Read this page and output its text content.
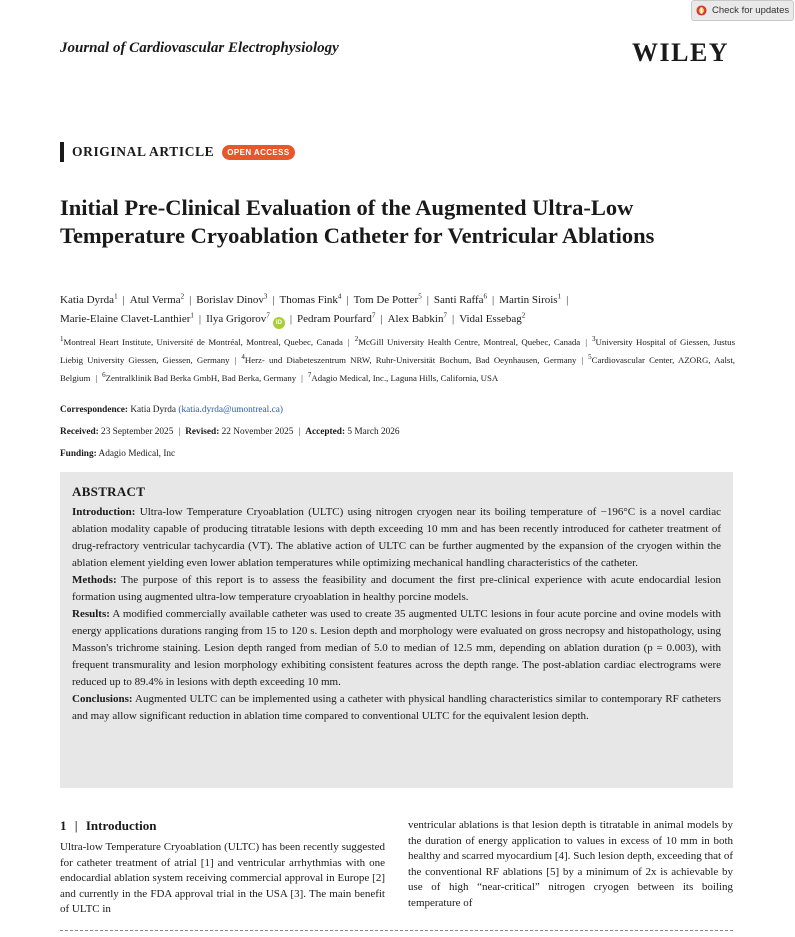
Check for updates
Journal of Cardiovascular Electrophysiology	WILEY
ORIGINAL ARTICLE	OPEN ACCESS
Initial Pre-Clinical Evaluation of the Augmented Ultra-Low Temperature Cryoablation Catheter for Ventricular Ablations
Katia Dyrda$^1$ | Atul Verma$^2$ | Borislav Dinov$^3$ | Thomas Fink$^4$ | Tom De Potter$^5$ | Santi Raffa$^6$ | Martin Sirois$^1$ |
Marie-Elaine Clavet-Lanthier$^1$ | Ilya Grigorov$^7$iD | Pedram Pourfard$^7$ | Alex Babkin$^7$ | Vidal Essebag$^2$
$^1$Montreal Heart Institute, Université de Montréal, Montreal, Quebec, Canada | $^2$McGill University Health Centre, Montreal, Quebec, Canada | $^3$University Hospital of Giessen, Justus Liebig University Giessen, Giessen, Germany | $^4$Herz- und Diabeteszentrum NRW, Ruhr-Universität Bochum, Bad Oeynhausen, Germany | $^5$Cardiovascular Center, AZORG, Aalst, Belgium | $^6$Zentralklinik Bad Berka GmbH, Bad Berka, Germany | $^7$Adagio Medical, Inc., Laguna Hills, California, USA
Correspondence: Katia Dyrda (katia.dyrda@umontreal.ca)
Received: 23 September 2025 | Revised: 22 November 2025 | Accepted: 5 March 2026
Funding: Adagio Medical, Inc
ABSTRACT

Introduction: Ultra-low Temperature Cryoablation (ULTC) using nitrogen cryogen near its boiling temperature of −196°C is a novel cardiac ablation modality capable of producing titratable lesions with depth exceeding 10 mm and has been recently introduced for catheter treatment of drug-refractory ventricular tachycardia (VT). The ablative action of ULTC can be further augmented by the expansion of the cryogen within the ablation element yielding even lower ablation temperatures while optimizing mechanical handling characteristics of the catheter.

Methods: The purpose of this report is to assess the feasibility and document the first pre-clinical experience with acute endocardial lesion formation using augmented ultra-low temperature cryoablation in healthy porcine models.

Results: A modified commercially available catheter was used to create 35 augmented ULTC lesions in four acute porcine and ovine models with energy applications durations ranging from 15 to 120 s. Lesion depth and morphology were evaluated on gross necropsy and histopathology, using Masson's trichrome staining. Lesion depth ranged from median of 5.0 to median of 12.5 mm, depending on ablation duration (p = 0.003), with frequent transmurality and lesion morphology exhibiting consistent features across the depth range. The post-ablation cardiac electrograms were reduced up to 89.4% in lesions with depth exceeding 10 mm.

Conclusions: Augmented ULTC can be implemented using a catheter with physical handling characteristics similar to contemporary RF catheters and may allow significant reduction in ablation time compared to conventional ULTC for the equivalent lesion depth.

1 | Introduction
Ultra-low Temperature Cryoablation (ULTC) has been recently suggested for catheter treatment of atrial [1] and ventricular arrhythmias with one endocardial ablation system receiving commercial approval in Europe [2] and currently in the FDA approval trial in the USA [3]. The main benefit of ULTC in
ventricular ablations is that lesion depth is titratable in animal models by the duration of energy application to values in excess of 10 mm in both healthy and scarred myocardium [4]. Such lesion depth, exceeding that of the conventional RF ablations [5] by a minimum of 2x is achievable by use of high “near-critical” nitrogen cryogen between its boiling temperature of
